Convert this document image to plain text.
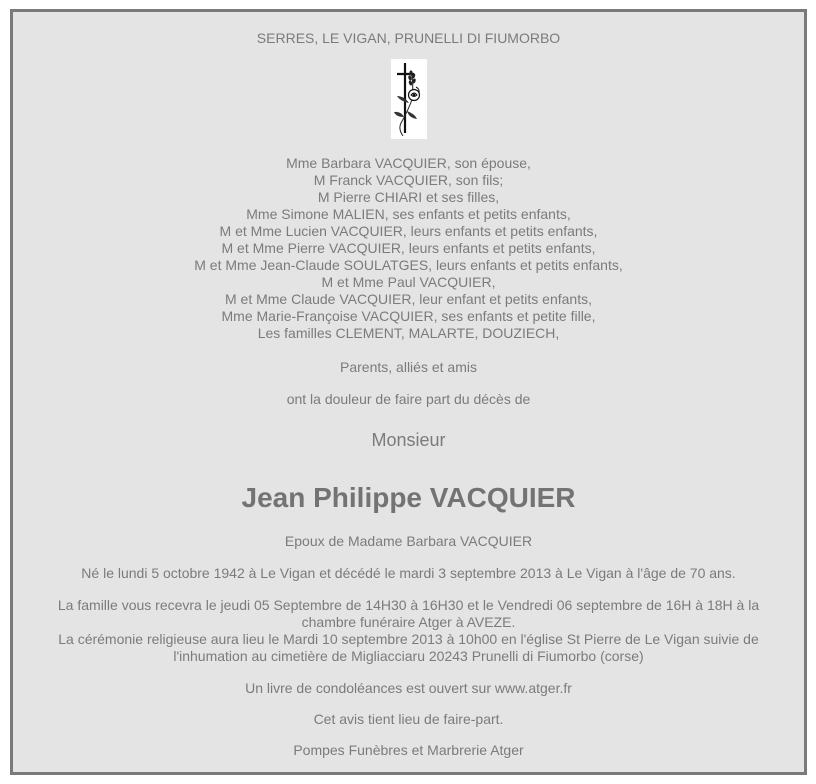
SERRES, LE VIGAN, PRUNELLI DI FIUMORBO
Mme Barbara VACQUIER, son épouse,
M Franck VACQUIER, son fils;
M Pierre CHIARI et ses filles,
Mme Simone MALIEN, ses enfants et petits enfants,
M et Mme Lucien VACQUIER, leurs enfants et petits enfants,
M et Mme Pierre VACQUIER, leurs enfants et petits enfants,
M et Mme Jean-Claude SOULATGES, leurs enfants et petits enfants,
M et Mme Paul VACQUIER,
M et Mme Claude VACQUIER, leur enfant et petits enfants,
Mme Marie-Françoise VACQUIER, ses enfants et petite fille,
Les familles CLEMENT, MALARTE, DOUZIECH,
Parents, alliés et amis
ont la douleur de faire part du décès de
Monsieur
Jean Philippe VACQUIER
Epoux de Madame Barbara VACQUIER
Né le lundi 5 octobre 1942 à Le Vigan et décédé le mardi 3 septembre 2013 à Le Vigan à l'âge de 70 ans.
La famille vous recevra le jeudi 05 Septembre de 14H30 à 16H30 et le Vendredi 06 septembre de 16H à 18H à la chambre funéraire Atger à AVEZE.
La cérémonie religieuse aura lieu le Mardi 10 septembre 2013 à 10h00 en l'église St Pierre de Le Vigan suivie de l'inhumation au cimetière de Migliacciaru 20243 Prunelli di Fiumorbo (corse)
Un livre de condoléances est ouvert sur www.atger.fr
Cet avis tient lieu de faire-part.
Pompes Funèbres et Marbrerie Atger
